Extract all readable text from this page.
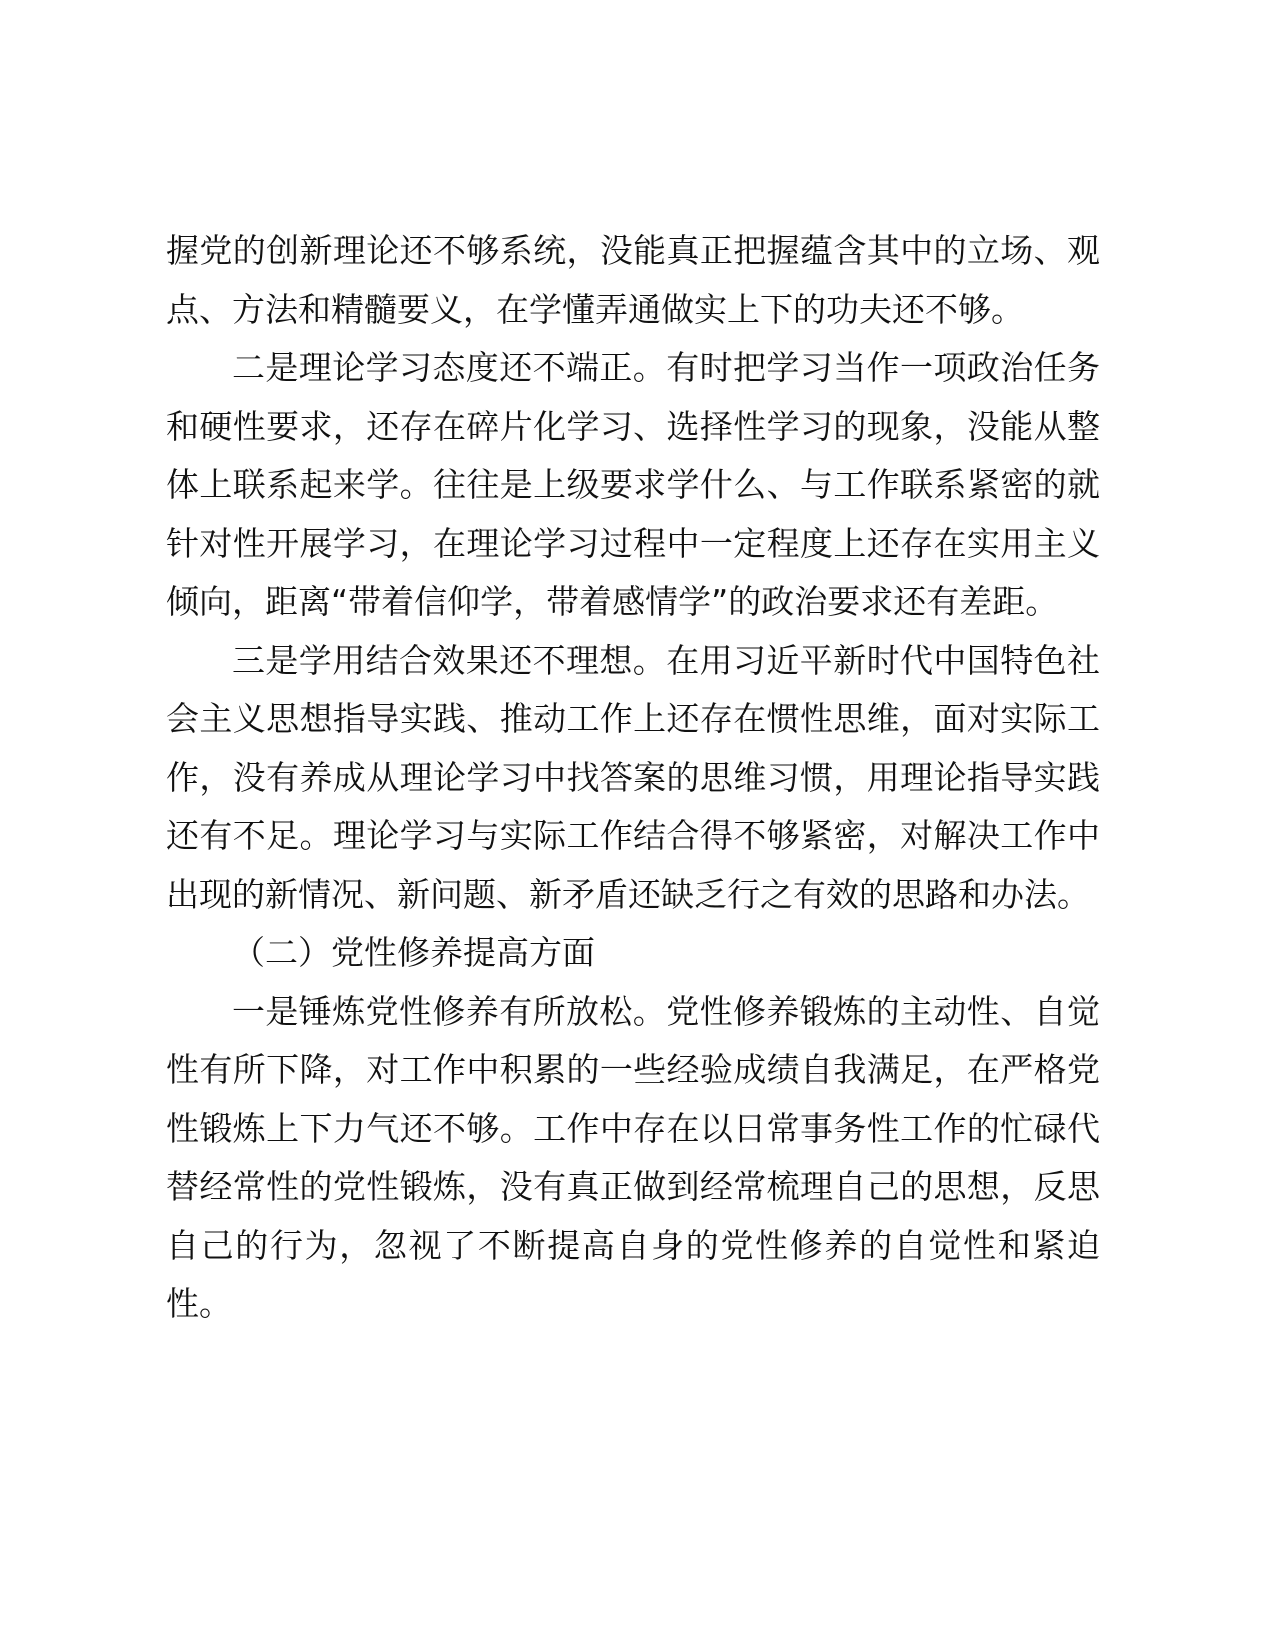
握党的创新理论还不够系统，没能真正把握蕴含其中的立场、观点、方法和精髓要义，在学懂弄通做实上下的功夫还不够。

二是理论学习态度还不端正。有时把学习当作一项政治任务和硬性要求，还存在碎片化学习、选择性学习的现象，没能从整体上联系起来学。往往是上级要求学什么、与工作联系紧密的就针对性开展学习，在理论学习过程中一定程度上还存在实用主义倾向，距离“带着信仰学，带着感情学”的政治要求还有差距。

三是学用结合效果还不理想。在用习近平新时代中国特色社会主义思想指导实践、推动工作上还存在惯性思维，面对实际工作，没有养成从理论学习中找答案的思维习惯，用理论指导实践还有不足。理论学习与实际工作结合得不够紧密，对解决工作中出现的新情况、新问题、新矛盾还缺乏行之有效的思路和办法。

（二）党性修养提高方面

一是锤炼党性修养有所放松。党性修养锻炼的主动性、自觉性有所下降，对工作中积累的一些经验成绩自我满足，在严格党性锻炼上下力气还不够。工作中存在以日常事务性工作的忙碌代替经常性的党性锻炼，没有真正做到经常梳理自己的思想，反思自己的行为，忽视了不断提高自身的党性修养的自觉性和紧迫性。
